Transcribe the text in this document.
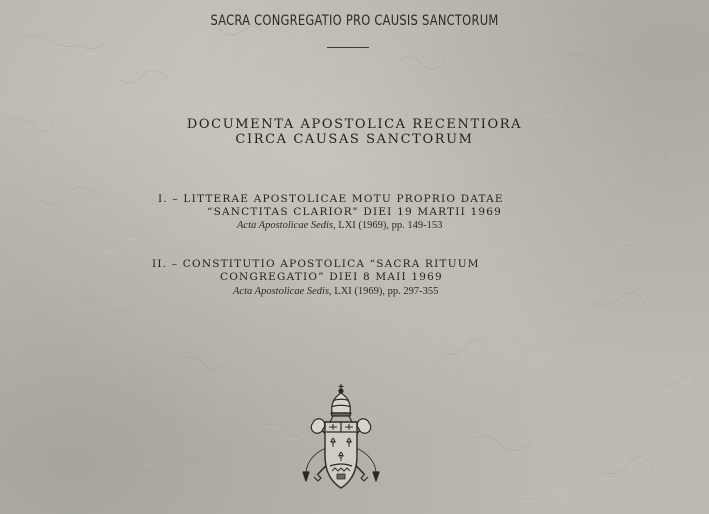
SACRA CONGREGATIO PRO CAUSIS SANCTORUM
DOCUMENTA APOSTOLICA RECENTIORA
CIRCA CAUSAS SANCTORUM
I. – LITTERAE APOSTOLICAE MOTU PROPRIO DATAE
“SANCTITAS CLARIOR” DIEI 19 MARTII 1969
Acta Apostolicae Sedis, LXI (1969), pp. 149-153
II. – CONSTITUTIO APOSTOLICA “SACRA RITUUM
CONGREGATIO” DIEI 8 MAII 1969
Acta Apostolicae Sedis, LXI (1969), pp. 297-355
